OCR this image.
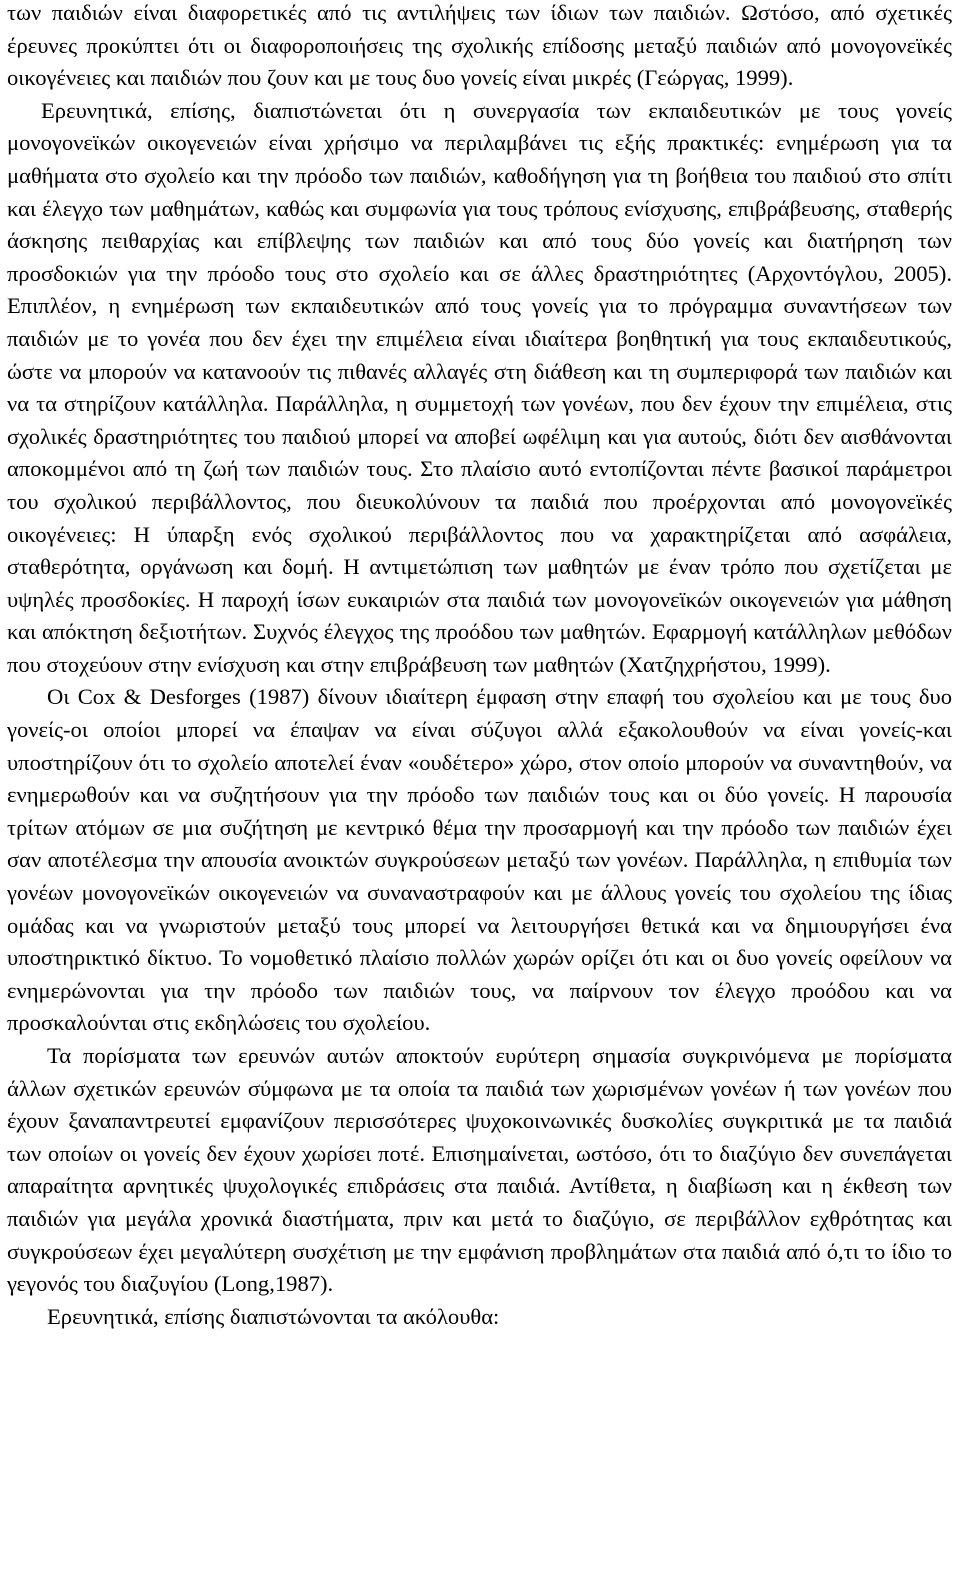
των παιδιών είναι διαφορετικές από τις αντιλήψεις των ίδιων των παιδιών. Ωστόσο, από σχετικές έρευνες προκύπτει ότι οι διαφοροποιήσεις της σχολικής επίδοσης μεταξύ παιδιών από μονογονεϊκές οικογένειες και παιδιών που ζουν και με τους δυο γονείς είναι μικρές (Γεώργας, 1999).

Ερευνητικά, επίσης, διαπιστώνεται ότι η συνεργασία των εκπαιδευτικών με τους γονείς μονογονεϊκών οικογενειών είναι χρήσιμο να περιλαμβάνει τις εξής πρακτικές: ενημέρωση για τα μαθήματα στο σχολείο και την πρόοδο των παιδιών, καθοδήγηση για τη βοήθεια του παιδιού στο σπίτι και έλεγχο των μαθημάτων, καθώς και συμφωνία για τους τρόπους ενίσχυσης, επιβράβευσης, σταθερής άσκησης πειθαρχίας και επίβλεψης των παιδιών και από τους δύο γονείς και διατήρηση των προσδοκιών για την πρόοδο τους στο σχολείο και σε άλλες δραστηριότητες (Αρχοντόγλου, 2005). Επιπλέον, η ενημέρωση των εκπαιδευτικών από τους γονείς για το πρόγραμμα συναντήσεων των παιδιών με το γονέα που δεν έχει την επιμέλεια είναι ιδιαίτερα βοηθητική για τους εκπαιδευτικούς, ώστε να μπορούν να κατανοούν τις πιθανές αλλαγές στη διάθεση και τη συμπεριφορά των παιδιών και να τα στηρίζουν κατάλληλα. Παράλληλα, η συμμετοχή των γονέων, που δεν έχουν την επιμέλεια, στις σχολικές δραστηριότητες του παιδιού μπορεί να αποβεί ωφέλιμη και για αυτούς, διότι δεν αισθάνονται αποκομμένοι από τη ζωή των παιδιών τους. Στο πλαίσιο αυτό εντοπίζονται πέντε βασικοί παράμετροι του σχολικού περιβάλλοντος, που διευκολύνουν τα παιδιά που προέρχονται από μονογονεϊκές οικογένειες: Η ύπαρξη ενός σχολικού περιβάλλοντος που να χαρακτηρίζεται από ασφάλεια, σταθερότητα, οργάνωση και δομή. Η αντιμετώπιση των μαθητών με έναν τρόπο που σχετίζεται με υψηλές προσδοκίες. Η παροχή ίσων ευκαιριών στα παιδιά των μονογονεϊκών οικογενειών για μάθηση και απόκτηση δεξιοτήτων. Συχνός έλεγχος της προόδου των μαθητών. Εφαρμογή κατάλληλων μεθόδων που στοχεύουν στην ενίσχυση και στην επιβράβευση των μαθητών (Χατζηχρήστου, 1999).

Οι Cox & Desforges (1987) δίνουν ιδιαίτερη έμφαση στην επαφή του σχολείου και με τους δυο γονείς-οι οποίοι μπορεί να έπαψαν να είναι σύζυγοι αλλά εξακολουθούν να είναι γονείς-και υποστηρίζουν ότι το σχολείο αποτελεί έναν «ουδέτερο» χώρο, στον οποίο μπορούν να συναντηθούν, να ενημερωθούν και να συζητήσουν για την πρόοδο των παιδιών τους και οι δύο γονείς. Η παρουσία τρίτων ατόμων σε μια συζήτηση με κεντρικό θέμα την προσαρμογή και την πρόοδο των παιδιών έχει σαν αποτέλεσμα την απουσία ανοικτών συγκρούσεων μεταξύ των γονέων. Παράλληλα, η επιθυμία των γονέων μονογονεϊκών οικογενειών να συναναστραφούν και με άλλους γονείς του σχολείου της ίδιας ομάδας και να γνωριστούν μεταξύ τους μπορεί να λειτουργήσει θετικά και να δημιουργήσει ένα υποστηρικτικό δίκτυο. Το νομοθετικό πλαίσιο πολλών χωρών ορίζει ότι και οι δυο γονείς οφείλουν να ενημερώνονται για την πρόοδο των παιδιών τους, να παίρνουν τον έλεγχο προόδου και να προσκαλούνται στις εκδηλώσεις του σχολείου.

Τα πορίσματα των ερευνών αυτών αποκτούν ευρύτερη σημασία συγκρινόμενα με πορίσματα άλλων σχετικών ερευνών σύμφωνα με τα οποία τα παιδιά των χωρισμένων γονέων ή των γονέων που έχουν ξαναπαντρευτεί εμφανίζουν περισσότερες ψυχοκοινωνικές δυσκολίες συγκριτικά με τα παιδιά των οποίων οι γονείς δεν έχουν χωρίσει ποτέ. Επισημαίνεται, ωστόσο, ότι το διαζύγιο δεν συνεπάγεται απαραίτητα αρνητικές ψυχολογικές επιδράσεις στα παιδιά. Αντίθετα, η διαβίωση και η έκθεση των παιδιών για μεγάλα χρονικά διαστήματα, πριν και μετά το διαζύγιο, σε περιβάλλον εχθρότητας και συγκρούσεων έχει μεγαλύτερη συσχέτιση με την εμφάνιση προβλημάτων στα παιδιά από ό,τι το ίδιο το γεγονός του διαζυγίου (Long,1987).

Ερευνητικά, επίσης διαπιστώνονται τα ακόλουθα:
